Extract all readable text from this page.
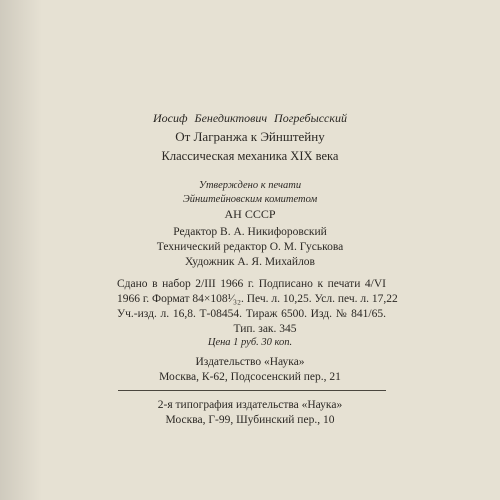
Иосиф Бенедиктович Погребысский
От Лагранжа к Эйнштейну
Классическая механика XIX века
Утверждено к печати
Эйнштейновским комитетом
АН СССР
Редактор В. А. Никифоровский
Технический редактор О. М. Гуськова
Художник А. Я. Михайлов
Сдано в набор 2/III 1966 г. Подписано к печати 4/VI
1966 г. Формат 84×108¹⁄₃₂. Печ. л. 10,25. Усл. печ. л. 17,22
Уч.-изд. л. 16,8. Т-08454. Тираж 6500. Изд. № 841/65.
Тип. зак. 345
Цена 1 руб. 30 коп.
Издательство «Наука»
Москва, К-62, Подсосенский пер., 21
2-я типография издательства «Наука»
Москва, Г-99, Шубинский пер., 10
